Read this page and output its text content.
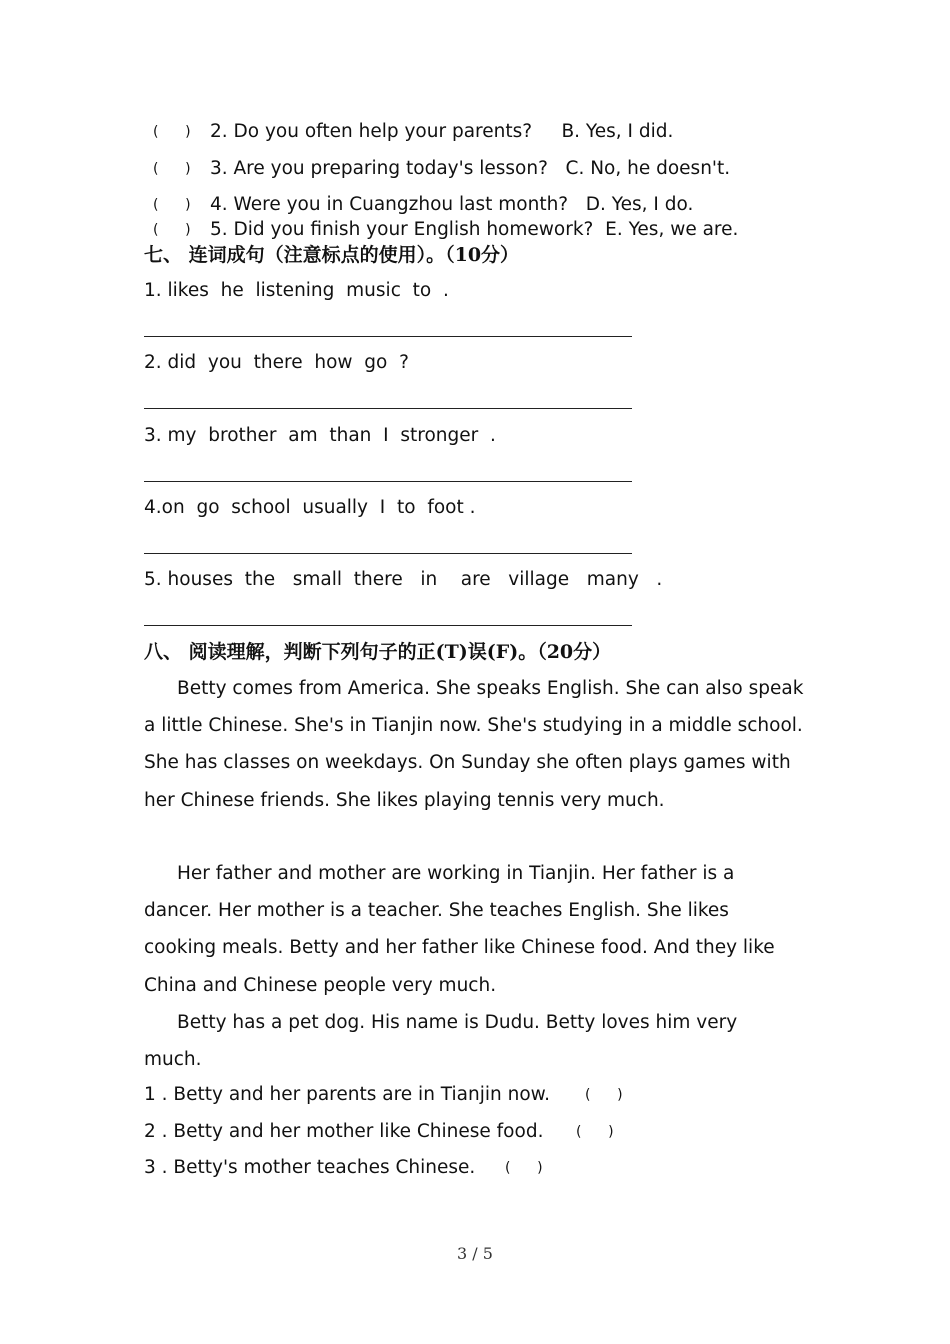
(      ) 2. Do you often help your parents?     B. Yes, I did.
(      ) 3. Are you preparing today's lesson?   C. No, he doesn't.
(      ) 4. Were you in Cuangzhou last month?   D. Yes, I do.
(      ) 5. Did you finish your English homework?  E. Yes, we are.
七、 连词成句（注意标点的使用）。（10分）
1. likes  he  listening  music  to  .
2. did  you  there  how  go  ?
3. my  brother  am  than  I  stronger  .
4.on  go  school  usually  I  to  foot .
5. houses  the   small  there   in    are   village   many   .
八、 阅读理解，判断下列句子的正(T)误(F)。（20分）
Betty comes from America. She speaks English. She can also speak a little Chinese. She's in Tianjin now. She's studying in a middle school. She has classes on weekdays. On Sunday she often plays games with her Chinese friends. She likes playing tennis very much.
Her father and mother are working in Tianjin. Her father is a dancer. Her mother is a teacher. She teaches English. She likes cooking meals. Betty and her father like Chinese food. And they like China and Chinese people very much.
Betty has a pet dog. His name is Dudu. Betty loves him very much.
1 . Betty and her parents are in Tianjin now.	(      )
2 . Betty and her mother like Chinese food. (      )
3 . Betty's mother teaches Chinese. (      )
3 / 5
